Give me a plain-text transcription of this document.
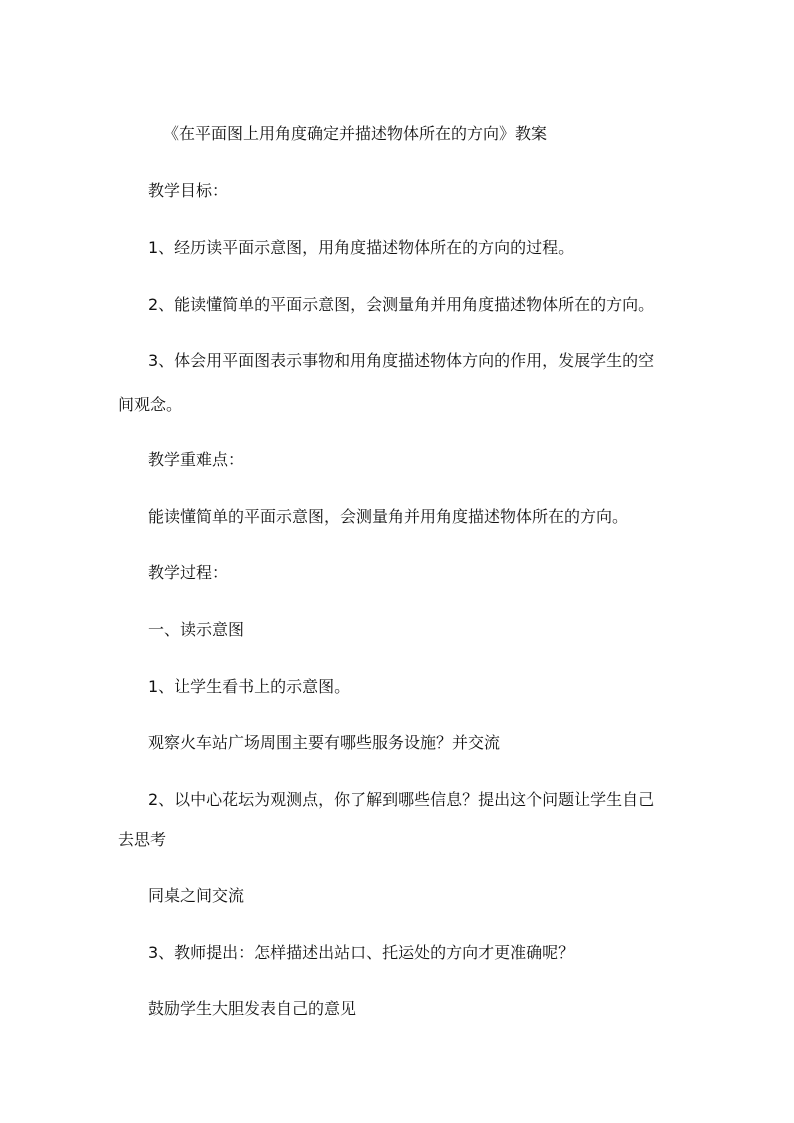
《在平面图上用角度确定并描述物体所在的方向》教案

教学目标：

1、经历读平面示意图，用角度描述物体所在的方向的过程。

2、能读懂简单的平面示意图，会测量角并用角度描述物体所在的方向。

3、体会用平面图表示事物和用角度描述物体方向的作用，发展学生的空

间观念。

教学重难点：

能读懂简单的平面示意图，会测量角并用角度描述物体所在的方向。

教学过程：

一、读示意图

1、让学生看书上的示意图。

观察火车站广场周围主要有哪些服务设施？并交流

2、以中心花坛为观测点，你了解到哪些信息？提出这个问题让学生自己

去思考

同桌之间交流

3、教师提出：怎样描述出站口、托运处的方向才更准确呢？

鼓励学生大胆发表自己的意见
